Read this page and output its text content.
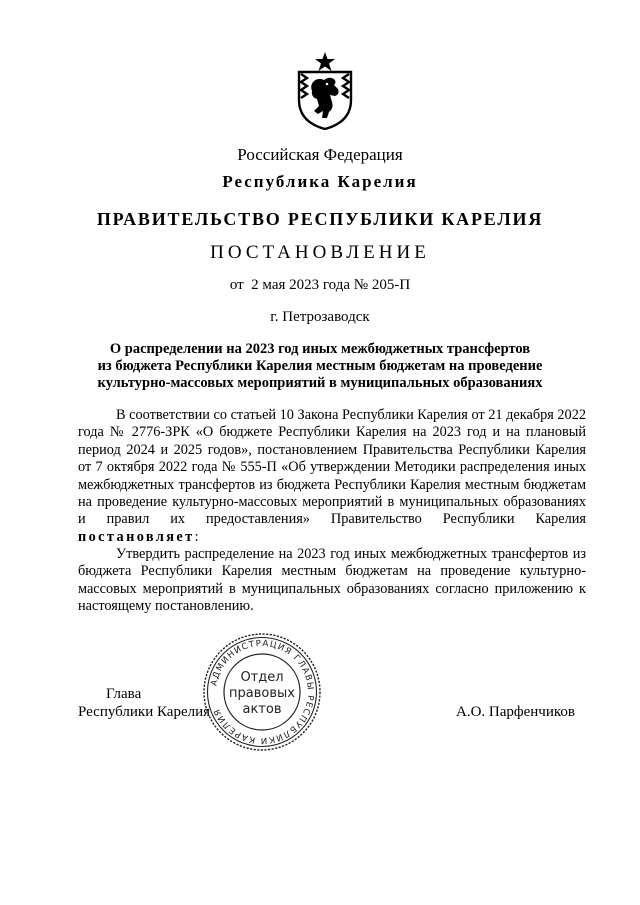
Российская Федерация
Республика Карелия
ПРАВИТЕЛЬСТВО РЕСПУБЛИКИ КАРЕЛИЯ
ПОСТАНОВЛЕНИЕ
от  2 мая 2023 года № 205-П
г. Петрозаводск
О распределении на 2023 год иных межбюджетных трансфертов
из бюджета Республики Карелия местным бюджетам на проведение
культурно-массовых мероприятий в муниципальных образованиях
В соответствии со статьей 10 Закона Республики Карелия от 21 декабря 2022 года № 2776-ЗРК «О бюджете Республики Карелия на 2023 год и на плановый период 2024 и 2025 годов», постановлением Правительства Республики Карелия от 7 октября 2022 года № 555-П «Об утверждении Методики распределения иных межбюджетных трансфертов из бюджета Республики Карелия местным бюджетам на проведение культурно-массовых мероприятий в муниципальных образованиях и правил их предоставления» Правительство Республики Карелия постановляет:
Утвердить распределение на 2023 год иных межбюджетных трансфертов из бюджета Республики Карелия местным бюджетам на проведение культурно-массовых мероприятий в муниципальных образованиях согласно приложению к настоящему постановлению.
Глава
Республики Карелия	А.О. Парфенчиков
АДМИНИСТРАЦИЯ ГЛАВЫ РЕСПУБЛИКИ КАРЕЛИЯ
Отдел
правовых
актов
